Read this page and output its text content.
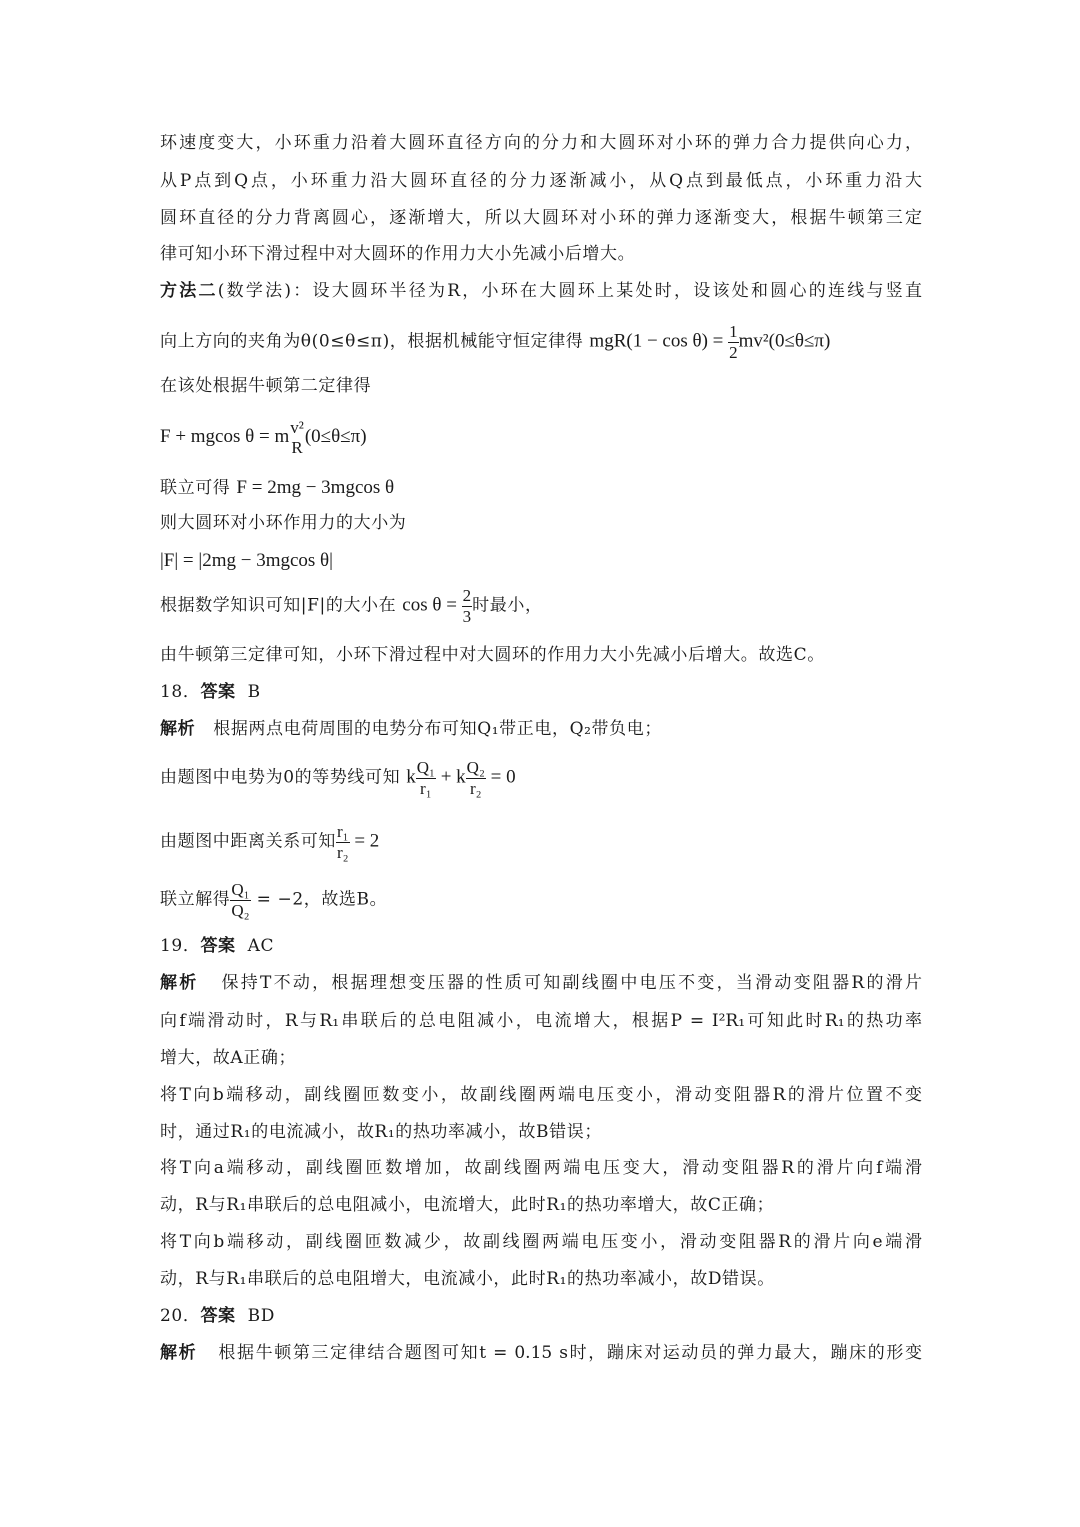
环速度变大，小环重力沿着大圆环直径方向的分力和大圆环对小环的弹力合力提供向心力，
从P点到Q点，小环重力沿大圆环直径的分力逐渐减小，从Q点到最低点，小环重力沿大
圆环直径的分力背离圆心，逐渐增大，所以大圆环对小环的弹力逐渐变大，根据牛顿第三定
律可知小环下滑过程中对大圆环的作用力大小先减小后增大。
方法二(数学法)：设大圆环半径为R，小环在大圆环上某处时，设该处和圆心的连线与竖直
向上方向的夹角为θ(0≤θ≤π)，根据机械能守恒定律得 $mgR(1 - \cos \theta) = \frac{1}{2} mv^2(0\le\theta\le\pi)$
在该处根据牛顿第二定律得
F + mgcos θ = m v²
R (0≤θ≤π)
联立可得 F = 2mg − 3mgcos θ
则大圆环对小环作用力的大小为
|F| = |2mg − 3mgcos θ|
根据数学知识可知|F|的大小在 $\cos \theta = \frac{2}{3}$ 时最小，
由牛顿第三定律可知，小环下滑过程中对大圆环的作用力大小先减小后增大。故选C。
18．答案 B
解析 根据两点电荷周围的电势分布可知Q₁带正电，Q₂带负电；
由题图中电势为0的等势线可知 k $\frac{\text{Q₁}}{\text{r₁}} + k \frac{\text{Q₂}}{\text{r₂}} = 0$
由题图中距离关系可知 $\frac{\text{r₁}}{\text{r₂}} = 2$
联立解得 $\frac{\text{Q₁}}{\text{Q₂}} = -2$，故选B。
19．答案 AC
解析 保持T不动，根据理想变压器的性质可知副线圈中电压不变，当滑动变阻器R的滑片
向f端滑动时，R与R₁串联后的总电阻减小，电流增大，根据P = I²R₁可知此时R₁的热功率
增大，故A正确；
将T向b端移动，副线圈匝数变小，故副线圈两端电压变小，滑动变阻器R的滑片位置不变
时，通过R₁的电流减小，故R₁的热功率减小，故B错误；
将T向a端移动，副线圈匝数增加，故副线圈两端电压变大，滑动变阻器R的滑片向f端滑
动，R与R₁串联后的总电阻减小，电流增大，此时R₁的热功率增大，故C正确；
将T向b端移动，副线圈匝数减少，故副线圈两端电压变小，滑动变阻器R的滑片向e端滑
动，R与R₁串联后的总电阻增大，电流减小，此时R₁的热功率减小，故D错误。
20．答案 BD
解析 根据牛顿第三定律结合题图可知t = 0.15 s时，蹦床对运动员的弹力最大，蹦床的形变
